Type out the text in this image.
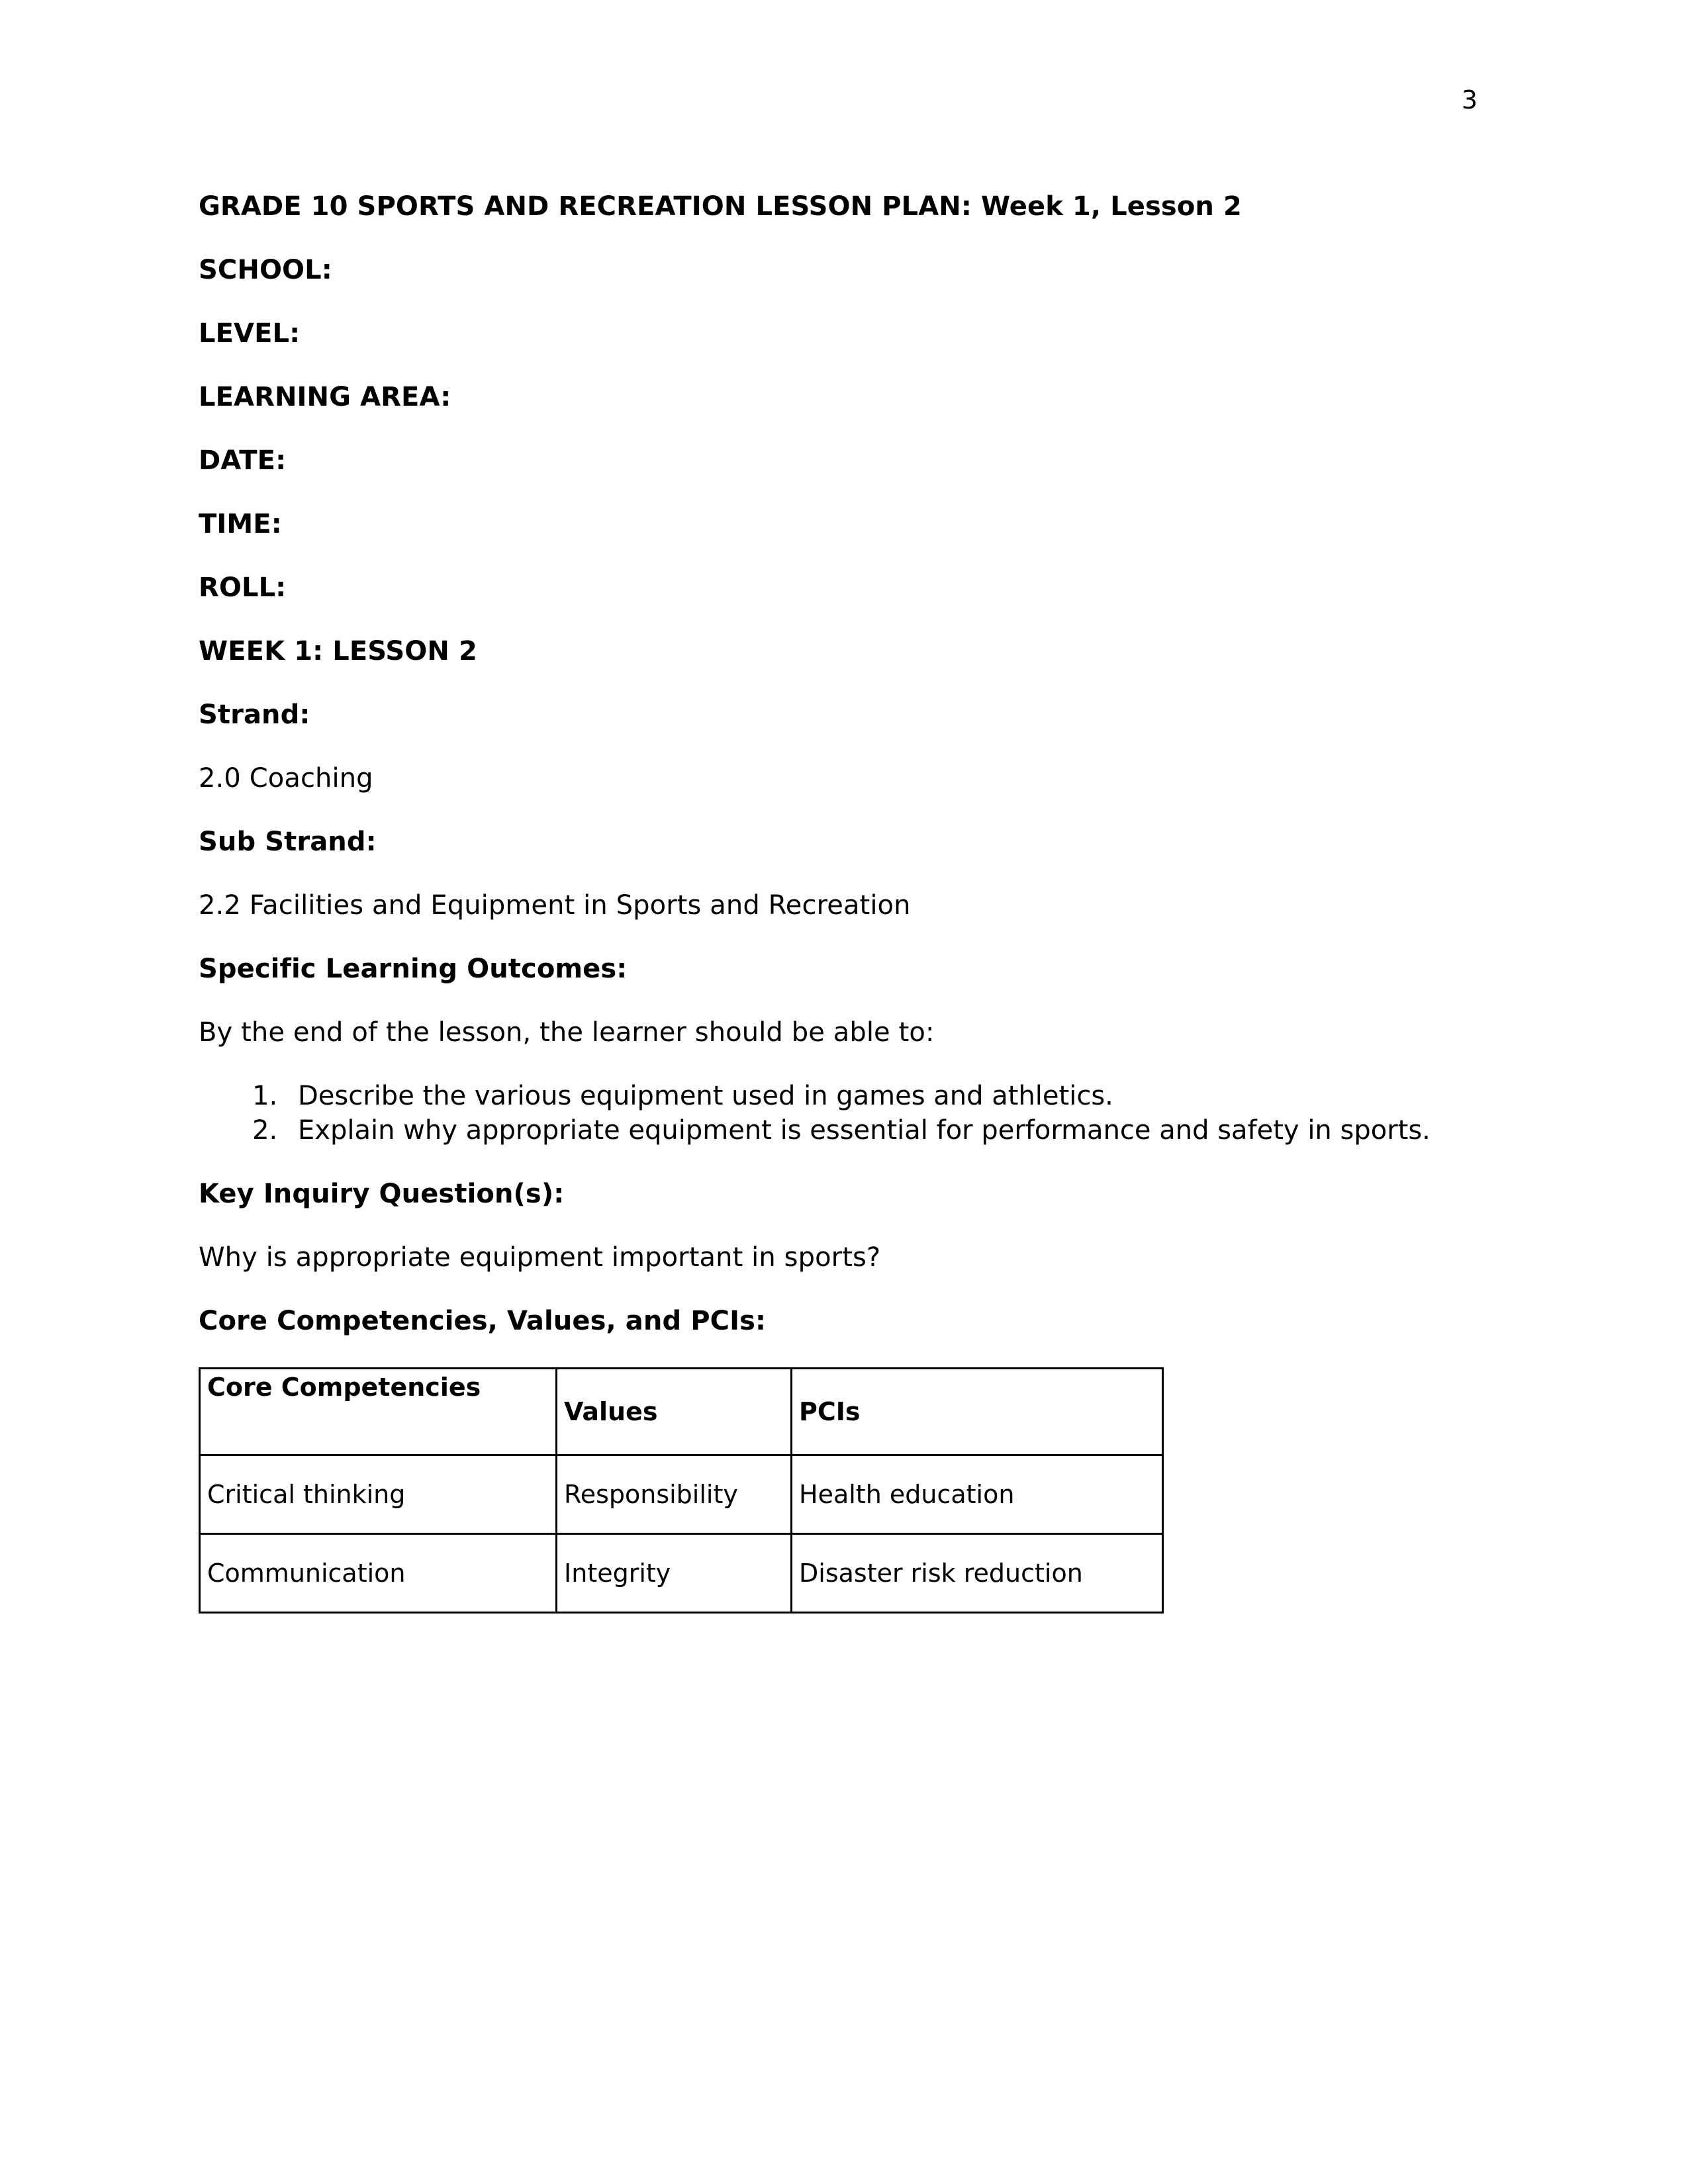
3

GRADE 10 SPORTS AND RECREATION LESSON PLAN: Week 1, Lesson 2

SCHOOL:

LEVEL:

LEARNING AREA:

DATE:

TIME:

ROLL:

WEEK 1: LESSON 2

Strand:

2.0 Coaching

Sub Strand:

2.2 Facilities and Equipment in Sports and Recreation

Specific Learning Outcomes:

By the end of the lesson, the learner should be able to:

1. Describe the various equipment used in games and athletics.
2. Explain why appropriate equipment is essential for performance and safety in sports.

Key Inquiry Question(s):

Why is appropriate equipment important in sports?

Core Competencies, Values, and PCIs:

Core Competencies	Values	PCIs
Critical thinking	Responsibility	Health education
Communication	Integrity	Disaster risk reduction
